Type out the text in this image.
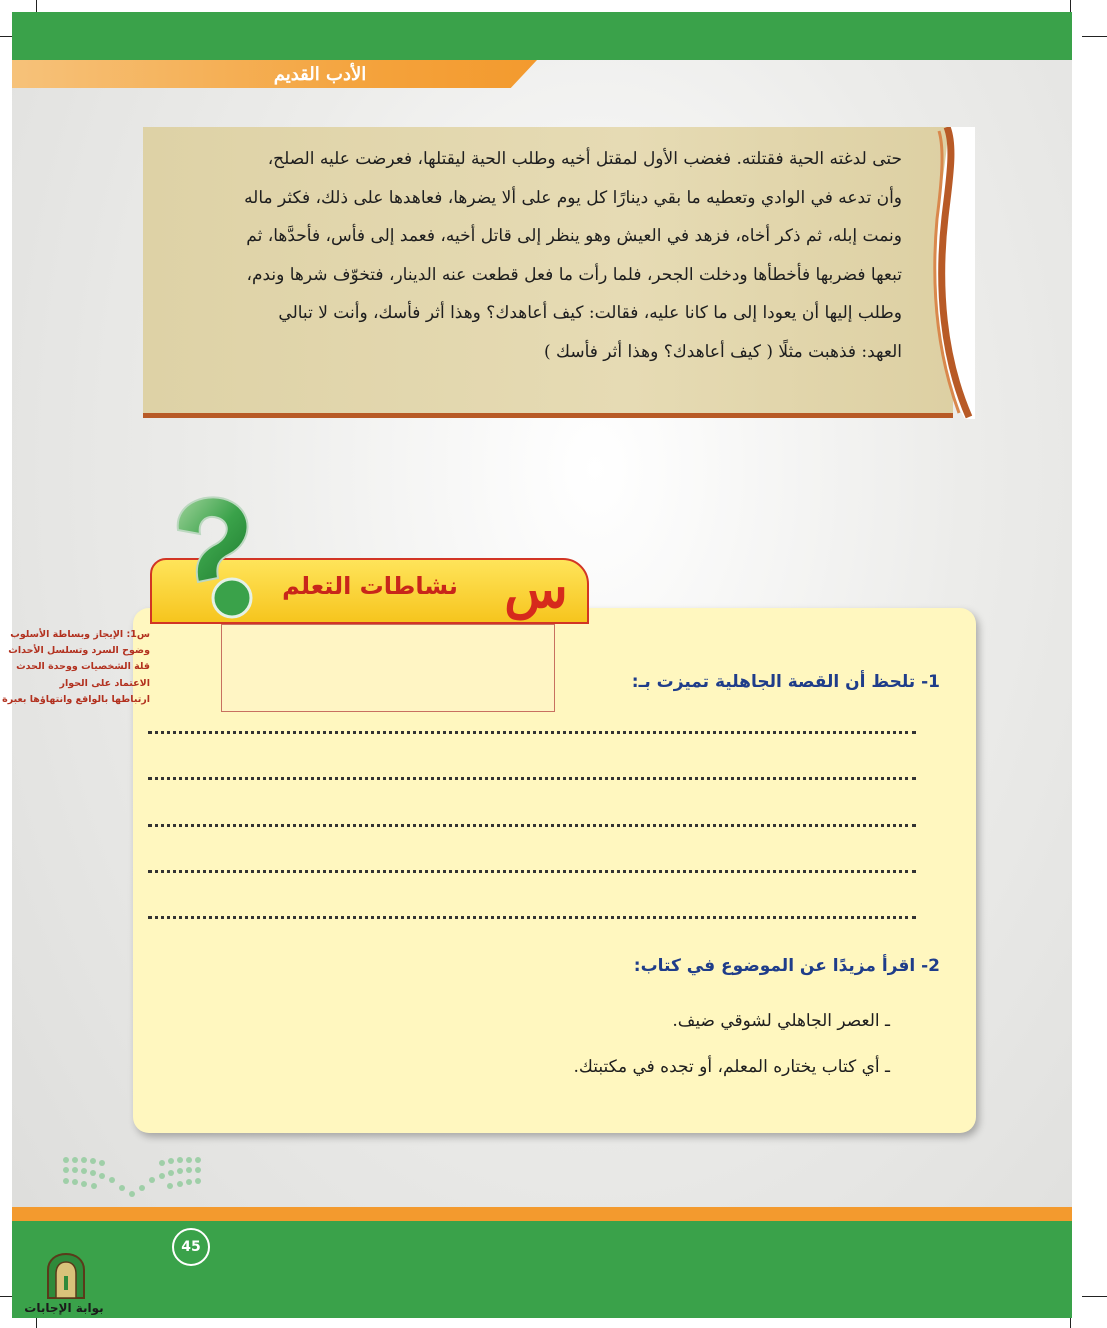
الأدب القديم

حتى لدغته الحية فقتلته. فغضب الأول لمقتل أخيه وطلب الحية ليقتلها، فعرضت عليه الصلح،

وأن تدعه في الوادي وتعطيه ما بقي دينارًا كل يوم على ألا يضرها، فعاهدها على ذلك، فكثر ماله

ونمت إبله، ثم ذكر أخاه، فزهد في العيش وهو ينظر إلى قاتل أخيه، فعمد إلى فأس، فأحدَّها، ثم

تبعها فضربها فأخطأها ودخلت الجحر، فلما رأت ما فعل قطعت عنه الدينار، فتخوّف شرها وندم،

وطلب إليها أن يعودا إلى ما كانا عليه، فقالت: كيف أعاهدك؟ وهذا أثر فأسك، وأنت لا تبالي

العهد: فذهبت مثلًا ( كيف أعاهدك؟ وهذا أثر فأسك )

نشاطات التعلم س
س1: الإيجاز وبساطة الأسلوب
وضوح السرد وتسلسل الأحداث
قلة الشخصيات ووحدة الحدث
الاعتماد على الحوار
ارتباطها بالواقع وانتهاؤها بعبرة
1- تلحظ أن القصة الجاهلية تميزت بـ:
2- اقرأ مزيدًا عن الموضوع في كتاب:
ـ العصر الجاهلي لشوقي ضيف.
ـ أي كتاب يختاره المعلم، أو تجده في مكتبتك.
45
بوابة الإجابات
